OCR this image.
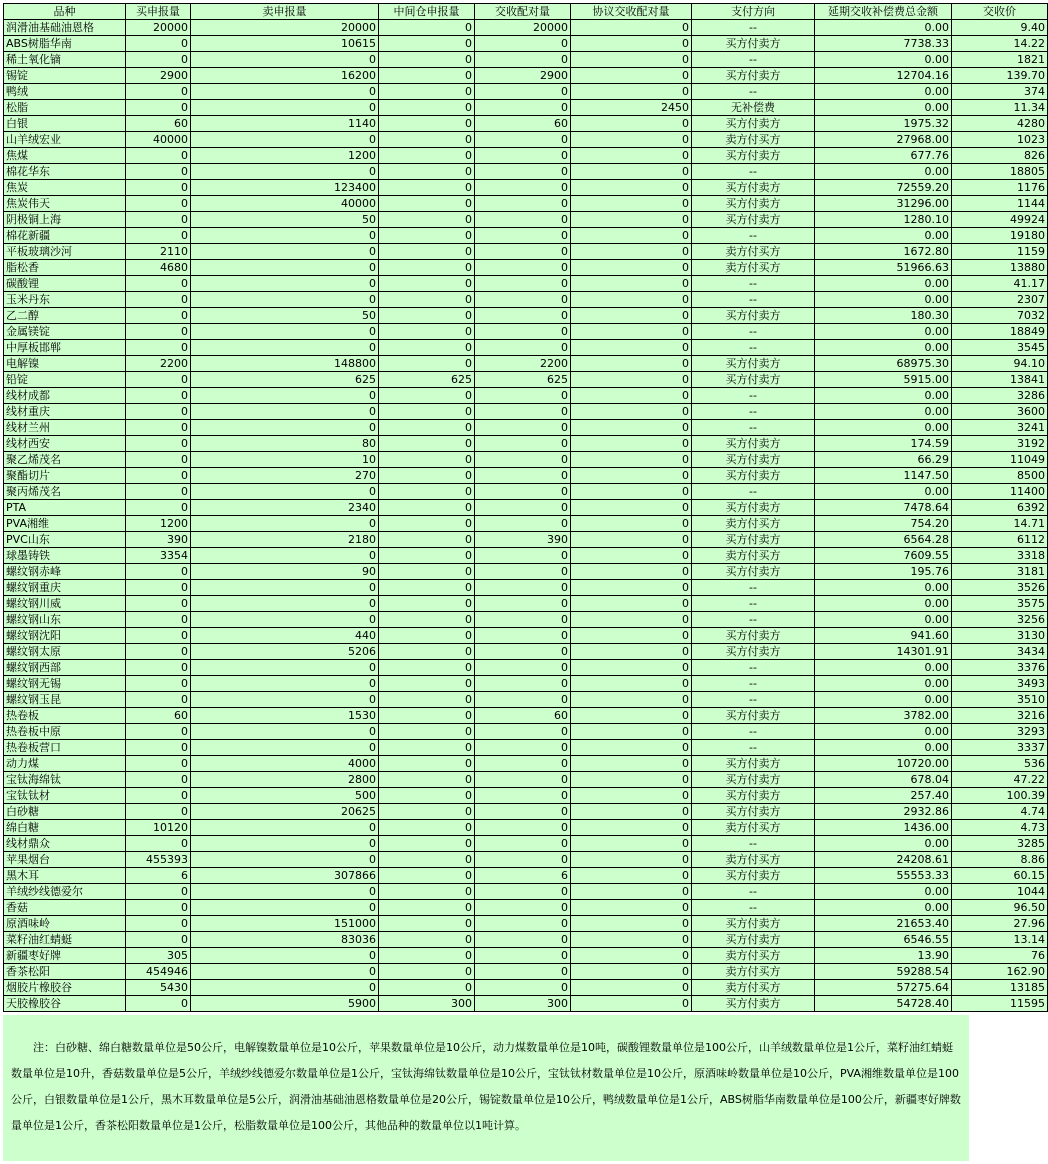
品种	买申报量	卖申报量	中间仓申报量	交收配对量	协议交收配对量	支付方向	延期交收补偿费总金额	交收价
润滑油基础油恩格	20000	20000	0	20000	0	--	0.00	9.40
ABS树脂华南	0	10615	0	0	0	买方付卖方	7738.33	14.22
稀土氧化镝	0	0	0	0	0	--	0.00	1821
锡锭	2900	16200	0	2900	0	买方付卖方	12704.16	139.70
鸭绒	0	0	0	0	0	--	0.00	374
松脂	0	0	0	0	2450	无补偿费	0.00	11.34
白银	60	1140	0	60	0	买方付卖方	1975.32	4280
山羊绒宏业	40000	0	0	0	0	卖方付买方	27968.00	1023
焦煤	0	1200	0	0	0	买方付卖方	677.76	826
棉花华东	0	0	0	0	0	--	0.00	18805
焦炭	0	123400	0	0	0	买方付卖方	72559.20	1176
焦炭伟天	0	40000	0	0	0	买方付卖方	31296.00	1144
阴极铜上海	0	50	0	0	0	买方付卖方	1280.10	49924
棉花新疆	0	0	0	0	0	--	0.00	19180
平板玻璃沙河	2110	0	0	0	0	卖方付买方	1672.80	1159
脂松香	4680	0	0	0	0	卖方付买方	51966.63	13880
碳酸锂	0	0	0	0	0	--	0.00	41.17
玉米丹东	0	0	0	0	0	--	0.00	2307
乙二醇	0	50	0	0	0	买方付卖方	180.30	7032
金属镁锭	0	0	0	0	0	--	0.00	18849
中厚板邯郸	0	0	0	0	0	--	0.00	3545
电解镍	2200	148800	0	2200	0	买方付卖方	68975.30	94.10
铅锭	0	625	625	625	0	买方付卖方	5915.00	13841
线材成都	0	0	0	0	0	--	0.00	3286
线材重庆	0	0	0	0	0	--	0.00	3600
线材兰州	0	0	0	0	0	--	0.00	3241
线材西安	0	80	0	0	0	买方付卖方	174.59	3192
聚乙烯茂名	0	10	0	0	0	买方付卖方	66.29	11049
聚酯切片	0	270	0	0	0	买方付卖方	1147.50	8500
聚丙烯茂名	0	0	0	0	0	--	0.00	11400
PTA	0	2340	0	0	0	买方付卖方	7478.64	6392
PVA湘维	1200	0	0	0	0	卖方付买方	754.20	14.71
PVC山东	390	2180	0	390	0	买方付卖方	6564.28	6112
球墨铸铁	3354	0	0	0	0	卖方付买方	7609.55	3318
螺纹钢赤峰	0	90	0	0	0	买方付卖方	195.76	3181
螺纹钢重庆	0	0	0	0	0	--	0.00	3526
螺纹钢川威	0	0	0	0	0	--	0.00	3575
螺纹钢山东	0	0	0	0	0	--	0.00	3256
螺纹钢沈阳	0	440	0	0	0	买方付卖方	941.60	3130
螺纹钢太原	0	5206	0	0	0	买方付卖方	14301.91	3434
螺纹钢西部	0	0	0	0	0	--	0.00	3376
螺纹钢无锡	0	0	0	0	0	--	0.00	3493
螺纹钢玉昆	0	0	0	0	0	--	0.00	3510
热卷板	60	1530	0	60	0	买方付卖方	3782.00	3216
热卷板中原	0	0	0	0	0	--	0.00	3293
热卷板营口	0	0	0	0	0	--	0.00	3337
动力煤	0	4000	0	0	0	买方付卖方	10720.00	536
宝钛海绵钛	0	2800	0	0	0	买方付卖方	678.04	47.22
宝钛钛材	0	500	0	0	0	买方付卖方	257.40	100.39
白砂糖	0	20625	0	0	0	买方付卖方	2932.86	4.74
绵白糖	10120	0	0	0	0	卖方付买方	1436.00	4.73
线材鼎众	0	0	0	0	0	--	0.00	3285
苹果烟台	455393	0	0	0	0	卖方付买方	24208.61	8.86
黑木耳	6	307866	0	6	0	买方付卖方	55553.33	60.15
羊绒纱线德爱尔	0	0	0	0	0	--	0.00	1044
香菇	0	0	0	0	0	--	0.00	96.50
原酒味岭	0	151000	0	0	0	买方付卖方	21653.40	27.96
菜籽油红蜻蜓	0	83036	0	0	0	买方付卖方	6546.55	13.14
新疆枣好牌	305	0	0	0	0	卖方付买方	13.90	76
香茶松阳	454946	0	0	0	0	卖方付买方	59288.54	162.90
烟胶片橡胶谷	5430	0	0	0	0	卖方付买方	57275.64	13185
天胶橡胶谷	0	5900	300	300	0	买方付卖方	54728.40	11595
注：白砂糖、绵白糖数量单位是50公斤，电解镍数量单位是10公斤，苹果数量单位是10公斤，动力煤数量单位是10吨，碳酸锂数量单位是100公斤，山羊绒数量单位是1公斤，菜籽油红蜻蜓数量单位是10升，香菇数量单位是5公斤，羊绒纱线德爱尔数量单位是1公斤，宝钛海绵钛数量单位是10公斤，宝钛钛材数量单位是10公斤，原酒味岭数量单位是10公斤，PVA湘维数量单位是100公斤，白银数量单位是1公斤，黑木耳数量单位是5公斤，润滑油基础油恩格数量单位是20公斤，锡锭数量单位是10公斤，鸭绒数量单位是1公斤，ABS树脂华南数量单位是100公斤，新疆枣好牌数量单位是1公斤，香茶松阳数量单位是1公斤，松脂数量单位是100公斤，其他品种的数量单位以1吨计算。
